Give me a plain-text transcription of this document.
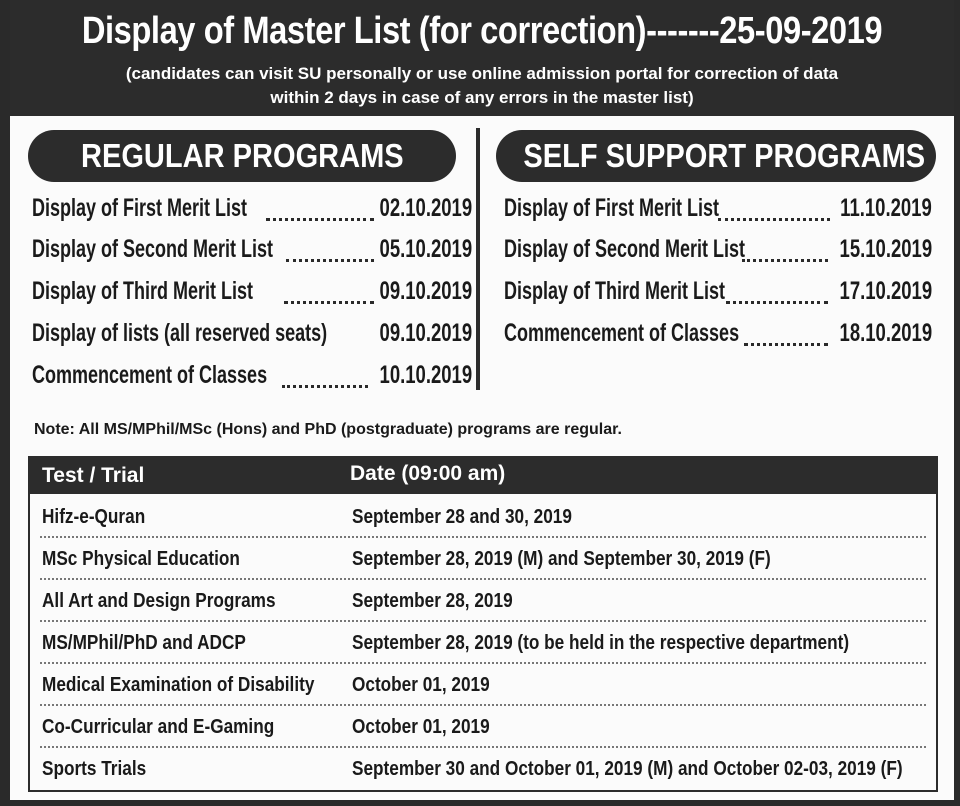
Display of Master List (for correction)-------25-09-2019
(candidates can visit SU personally or use online admission portal for correction of data
within 2 days in case of any errors in the master list)
REGULAR PROGRAMS	SELF SUPPORT PROGRAMS
Display of First Merit List	02.10.2019
Display of Second Merit List	05.10.2019
Display of Third Merit List	09.10.2019
Display of lists (all reserved seats) 09.10.2019
Commencement of Classes	10.10.2019
Display of First Merit List	11.10.2019
Display of Second Merit List	15.10.2019
Display of Third Merit List	17.10.2019
Commencement of Classes	18.10.2019
Note: All MS/MPhil/MSc (Hons) and PhD (postgraduate) programs are regular.
Test / Trial	Date (09:00 am)
Hifz-e-Quran	September 28 and 30, 2019
MSc Physical Education	September 28, 2019 (M) and September 30, 2019 (F)
All Art and Design Programs	September 28, 2019
MS/MPhil/PhD and ADCP	September 28, 2019 (to be held in the respective department)
Medical Examination of Disability October 01, 2019
Co-Curricular and E-Gaming	October 01, 2019
Sports Trials	September 30 and October 01, 2019 (M) and October 02-03, 2019 (F)
